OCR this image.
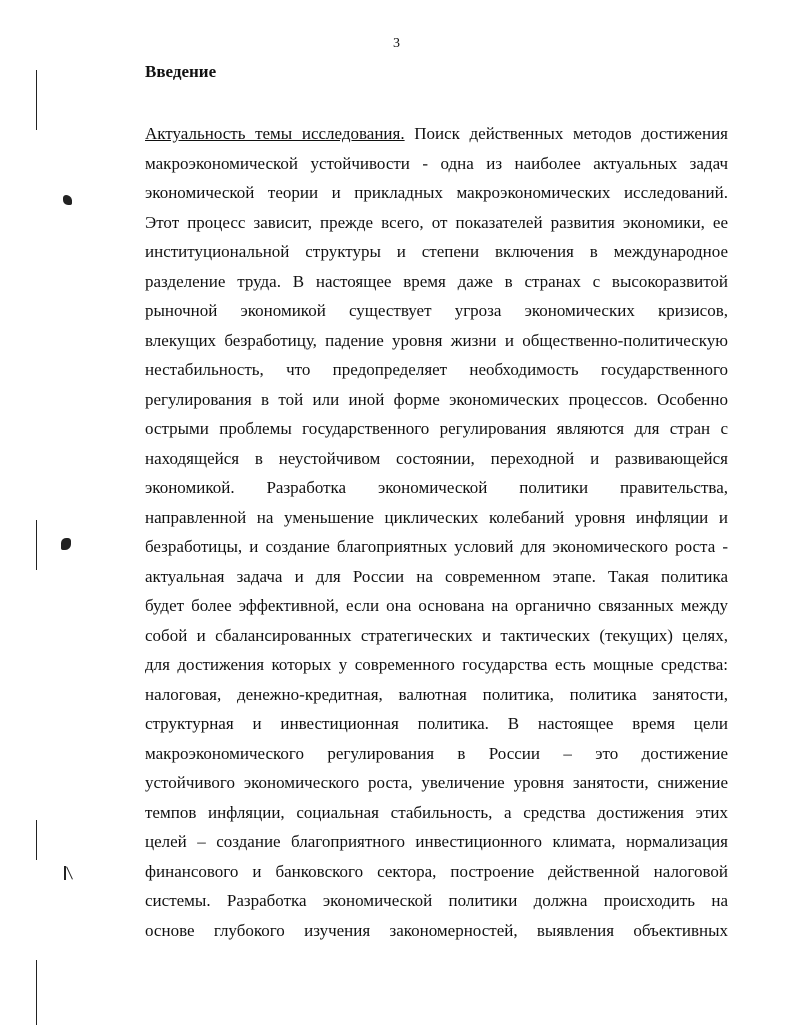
3
Введение
Актуальность темы исследования. Поиск действенных методов достижения
макроэкономической устойчивости - одна из наиболее актуальных задач
экономической теории и прикладных макроэкономических исследований.
Этот процесс зависит, прежде всего, от показателей развития экономики, ее
институциональной структуры и степени включения в международное
разделение труда. В настоящее время даже в странах с высокоразвитой
рыночной экономикой существует угроза экономических кризисов,
влекущих безработицу, падение уровня жизни и общественно-политическую
нестабильность, что предопределяет необходимость государственного
регулирования в той или иной форме экономических процессов. Особенно
острыми проблемы государственного регулирования являются для стран с
находящейся в неустойчивом состоянии, переходной и развивающейся
экономикой. Разработка экономической политики правительства,
направленной на уменьшение циклических колебаний уровня инфляции и
безработицы, и создание благоприятных условий для экономического роста -
актуальная задача и для России на современном этапе. Такая политика
будет более эффективной, если она основана на органично связанных между
собой и сбалансированных стратегических и тактических (текущих) целях,
для достижения которых у современного государства есть мощные средства:
налоговая, денежно-кредитная, валютная политика, политика занятости,
структурная и инвестиционная политика. В настоящее время цели
макроэкономического регулирования в России – это достижение
устойчивого экономического роста, увеличение уровня занятости, снижение
темпов инфляции, социальная стабильность, а средства достижения этих
целей – создание благоприятного инвестиционного климата, нормализация
финансового и банковского сектора, построение действенной налоговой
системы. Разработка экономической политики должна происходить на
основе глубокого изучения закономерностей, выявления объективных
